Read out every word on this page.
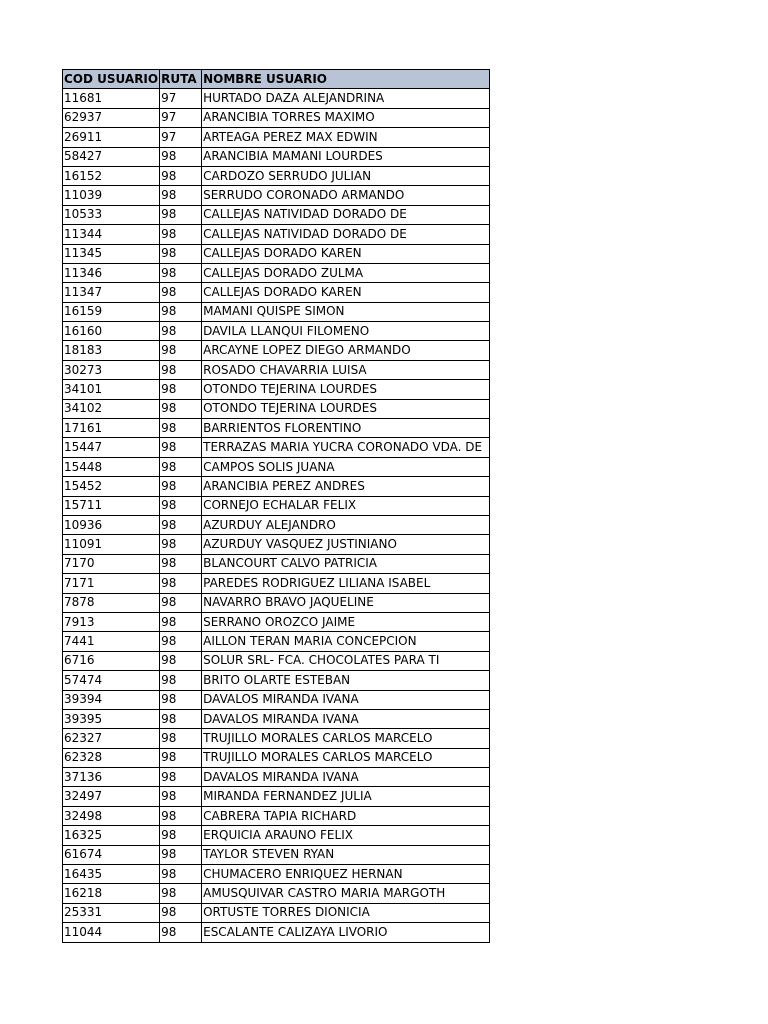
COD USUARIO	RUTA	NOMBRE USUARIO
11681	97	HURTADO DAZA ALEJANDRINA
62937	97	ARANCIBIA TORRES MAXIMO
26911	97	ARTEAGA PEREZ MAX EDWIN
58427	98	ARANCIBIA MAMANI LOURDES
16152	98	CARDOZO SERRUDO JULIAN
11039	98	SERRUDO CORONADO ARMANDO
10533	98	CALLEJAS NATIVIDAD DORADO DE
11344	98	CALLEJAS NATIVIDAD DORADO DE
11345	98	CALLEJAS DORADO KAREN
11346	98	CALLEJAS DORADO ZULMA
11347	98	CALLEJAS DORADO KAREN
16159	98	MAMANI QUISPE SIMON
16160	98	DAVILA LLANQUI FILOMENO
18183	98	ARCAYNE LOPEZ DIEGO ARMANDO
30273	98	ROSADO CHAVARRIA LUISA
34101	98	OTONDO TEJERINA LOURDES
34102	98	OTONDO TEJERINA LOURDES
17161	98	BARRIENTOS FLORENTINO
15447	98	TERRAZAS MARIA YUCRA CORONADO VDA. DE
15448	98	CAMPOS SOLIS JUANA
15452	98	ARANCIBIA PEREZ ANDRES
15711	98	CORNEJO ECHALAR FELIX
10936	98	AZURDUY ALEJANDRO
11091	98	AZURDUY VASQUEZ JUSTINIANO
7170	98	BLANCOURT CALVO PATRICIA
7171	98	PAREDES RODRIGUEZ LILIANA ISABEL
7878	98	NAVARRO BRAVO JAQUELINE
7913	98	SERRANO OROZCO JAIME
7441	98	AILLON TERAN MARIA CONCEPCION
6716	98	SOLUR SRL- FCA. CHOCOLATES PARA TI
57474	98	BRITO OLARTE ESTEBAN
39394	98	DAVALOS MIRANDA IVANA
39395	98	DAVALOS MIRANDA IVANA
62327	98	TRUJILLO MORALES CARLOS MARCELO
62328	98	TRUJILLO MORALES CARLOS MARCELO
37136	98	DAVALOS MIRANDA IVANA
32497	98	MIRANDA FERNANDEZ JULIA
32498	98	CABRERA TAPIA RICHARD
16325	98	ERQUICIA ARAUNO FELIX
61674	98	TAYLOR STEVEN RYAN
16435	98	CHUMACERO ENRIQUEZ HERNAN
16218	98	AMUSQUIVAR CASTRO MARIA MARGOTH
25331	98	ORTUSTE TORRES DIONICIA
11044	98	ESCALANTE CALIZAYA LIVORIO
